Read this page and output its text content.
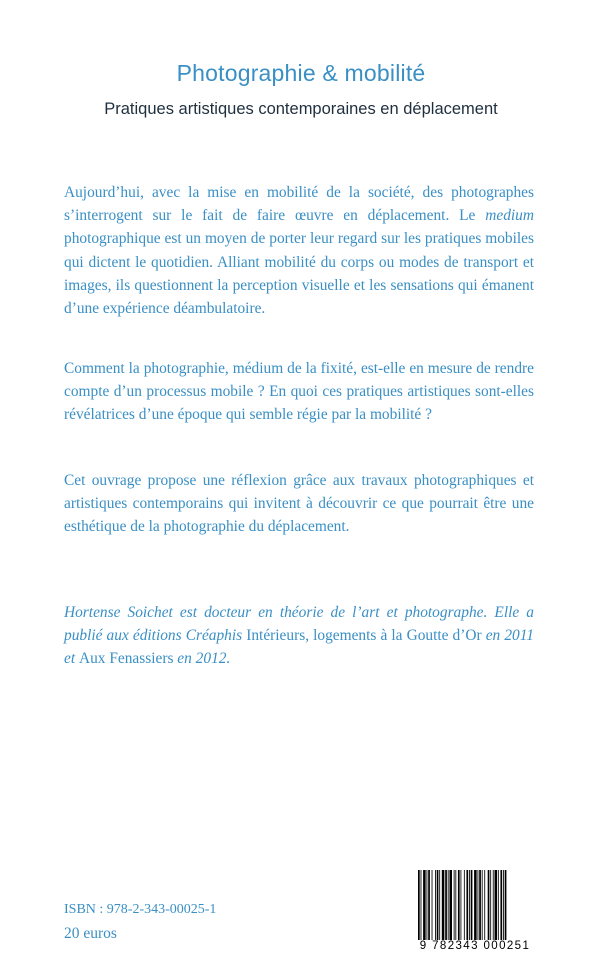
Photographie & mobilité
Pratiques artistiques contemporaines en déplacement

Aujourd’hui, avec la mise en mobilité de la société, des photographes s’interrogent sur le fait de faire œuvre en déplacement. Le medium photographique est un moyen de porter leur regard sur les pratiques mobiles qui dictent le quotidien. Alliant mobilité du corps ou modes de transport et images, ils questionnent la perception visuelle et les sensations qui émanent d’une expérience déambulatoire.

Comment la photographie, médium de la fixité, est-elle en mesure de rendre compte d’un processus mobile ? En quoi ces pratiques artistiques sont-elles révélatrices d’une époque qui semble régie par la mobilité ?

Cet ouvrage propose une réflexion grâce aux travaux photographiques et artistiques contemporains qui invitent à découvrir ce que pourrait être une esthétique de la photographie du déplacement.

Hortense Soichet est docteur en théorie de l’art et photographe. Elle a publié aux éditions Créaphis Intérieurs, logements à la Goutte d’Or en 2011 et Aux Fenassiers en 2012.

ISBN : 978-2-343-00025-1
20 euros
9 782343 000251
